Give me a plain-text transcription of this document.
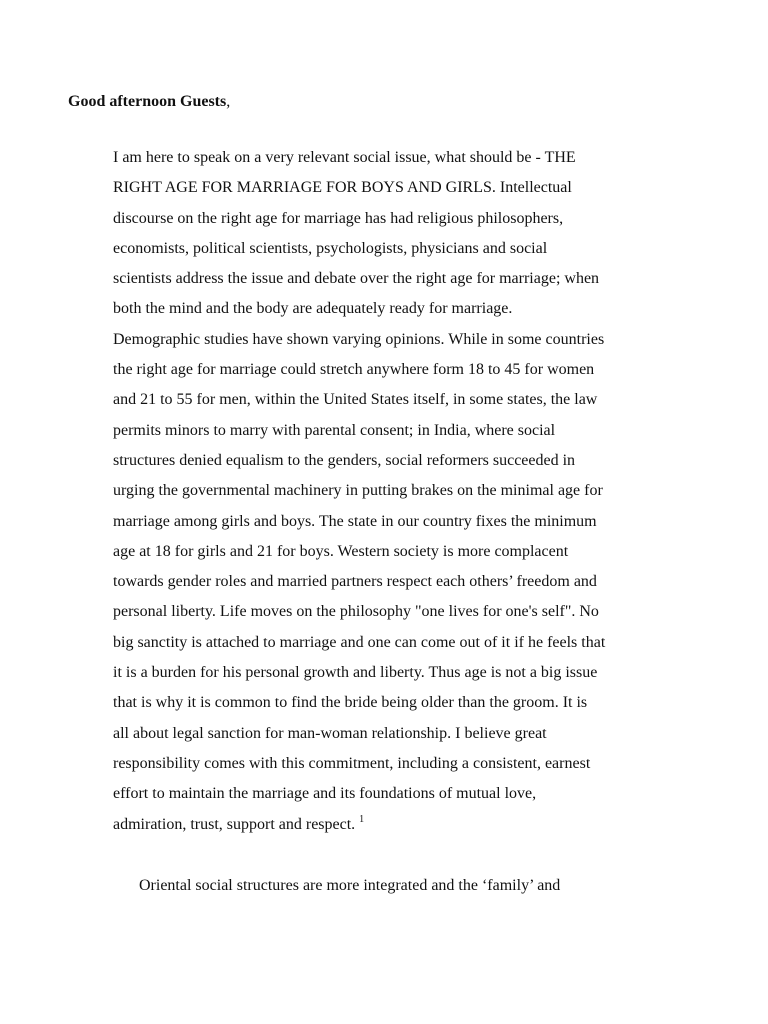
Good afternoon Guests,

I am here to speak on a very relevant social issue, what should be - THE
RIGHT AGE FOR MARRIAGE FOR BOYS AND GIRLS. Intellectual
discourse on the right age for marriage has had religious philosophers,
economists, political scientists, psychologists, physicians and social
scientists address the issue and debate over the right age for marriage; when
both the mind and the body are adequately ready for marriage.
Demographic studies have shown varying opinions. While in some countries
the right age for marriage could stretch anywhere form 18 to 45 for women
and 21 to 55 for men, within the United States itself, in some states, the law
permits minors to marry with parental consent; in India, where social
structures denied equalism to the genders, social reformers succeeded in
urging the governmental machinery in putting brakes on the minimal age for
marriage among girls and boys. The state in our country fixes the minimum
age at 18 for girls and 21 for boys. Western society is more complacent
towards gender roles and married partners respect each others’ freedom and
personal liberty. Life moves on the philosophy "one lives for one's self". No
big sanctity is attached to marriage and one can come out of it if he feels that
it is a burden for his personal growth and liberty. Thus age is not a big issue
that is why it is common to find the bride being older than the groom. It is
all about legal sanction for man-woman relationship. I believe great
responsibility comes with this commitment, including a consistent, earnest
effort to maintain the marriage and its foundations of mutual love,
admiration, trust, support and respect. $^1$

Oriental social structures are more integrated and the ‘family’ and
